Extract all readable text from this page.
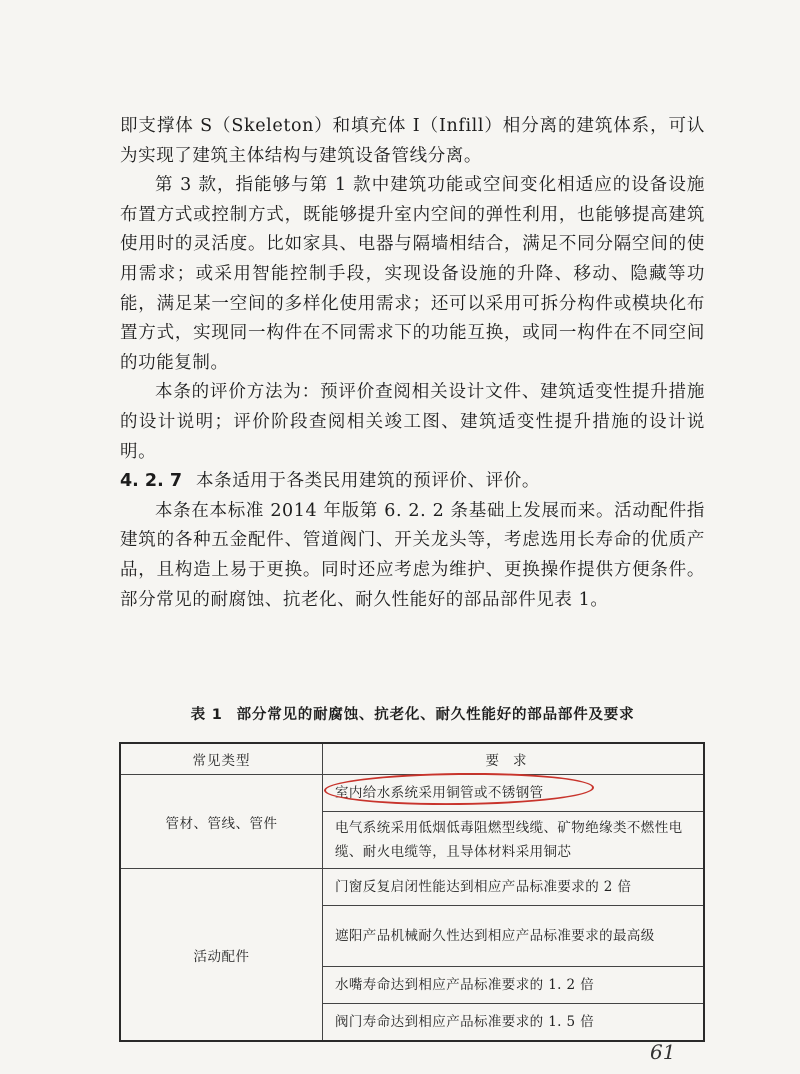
即支撑体 S（Skeleton）和填充体 I（Infill）相分离的建筑体系，可认为实现了建筑主体结构与建筑设备管线分离。

第 3 款，指能够与第 1 款中建筑功能或空间变化相适应的设备设施布置方式或控制方式，既能够提升室内空间的弹性利用，也能够提高建筑使用时的灵活度。比如家具、电器与隔墙相结合，满足不同分隔空间的使用需求；或采用智能控制手段，实现设备设施的升降、移动、隐藏等功能，满足某一空间的多样化使用需求；还可以采用可拆分构件或模块化布置方式，实现同一构件在不同需求下的功能互换，或同一构件在不同空间的功能复制。

本条的评价方法为：预评价查阅相关设计文件、建筑适变性提升措施的设计说明；评价阶段查阅相关竣工图、建筑适变性提升措施的设计说明。

4. 2. 7 本条适用于各类民用建筑的预评价、评价。

本条在本标准 2014 年版第 6. 2. 2 条基础上发展而来。活动配件指建筑的各种五金配件、管道阀门、开关龙头等，考虑选用长寿命的优质产品，且构造上易于更换。同时还应考虑为维护、更换操作提供方便条件。部分常见的耐腐蚀、抗老化、耐久性能好的部品部件见表 1。

表 1 部分常见的耐腐蚀、抗老化、耐久性能好的部品部件及要求
常见类型	要求
管材、管线、管件	室内给水系统采用铜管或不锈钢管
	电气系统采用低烟低毒阻燃型线缆、矿物绝缘类不燃性电缆、耐火电缆等，且导体材料采用铜芯
活动配件	门窗反复启闭性能达到相应产品标准要求的 2 倍
	遮阳产品机械耐久性达到相应产品标准要求的最高级
	水嘴寿命达到相应产品标准要求的 1. 2 倍
	阀门寿命达到相应产品标准要求的 1. 5 倍
61
